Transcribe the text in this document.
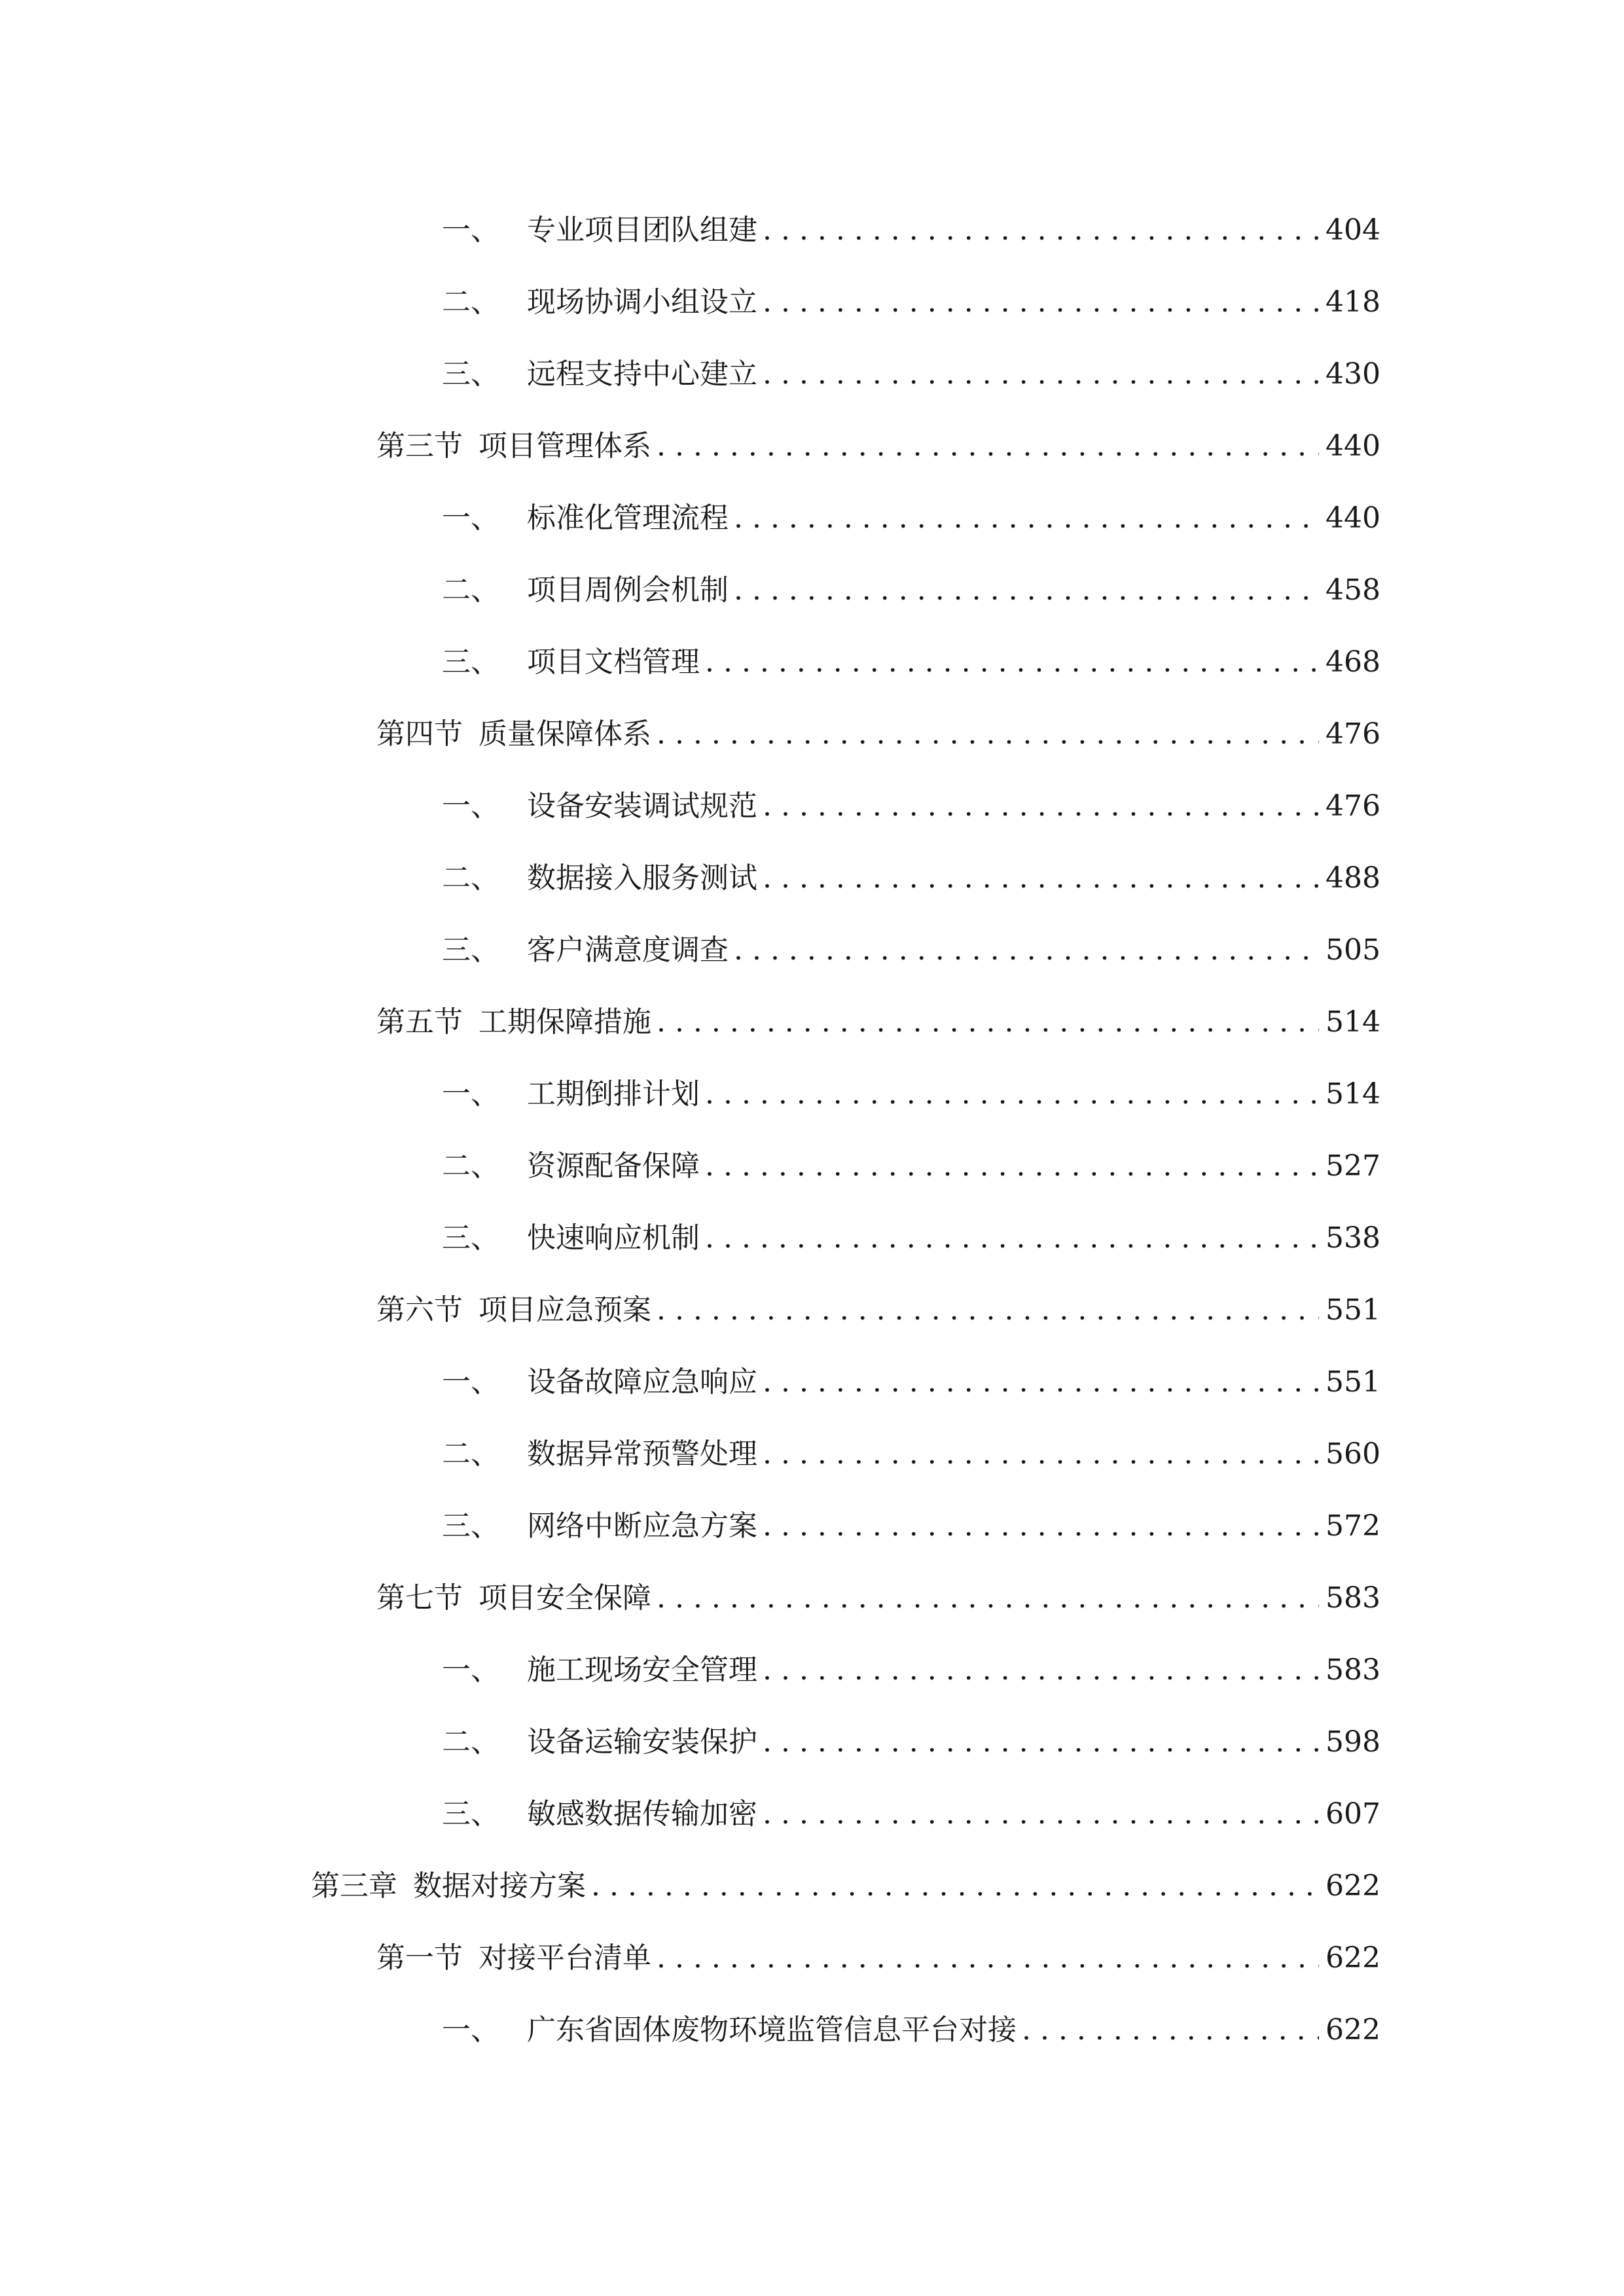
一、 专业项目团队组建 . . .	404
二、 现场协调小组设立 . . .	418
三、 远程支持中心建立 . . .	430
第三节 项目管理体系 . . .	440
一、 标准化管理流程 . . .	440
二、 项目周例会机制 . . .	458
三、 项目文档管理 . . .	468
第四节 质量保障体系 . . .	476
一、 设备安装调试规范 . . .	476
二、 数据接入服务测试 . . .	488
三、 客户满意度调查 . . .	505
第五节 工期保障措施 . . .	514
一、 工期倒排计划 . . .	514
二、 资源配备保障 . . .	527
三、 快速响应机制 . . .	538
第六节 项目应急预案 . . .	551
一、 设备故障应急响应 . . .	551
二、 数据异常预警处理 . . .	560
三、 网络中断应急方案 . . .	572
第七节 项目安全保障 . . .	583
一、 施工现场安全管理 . . .	583
二、 设备运输安装保护 . . .	598
三、 敏感数据传输加密 . . .	607
第三章 数据对接方案 . . .	622
第一节 对接平台清单 . . .	622
一、 广东省固体废物环境监管信息平台对接 . . .	622
